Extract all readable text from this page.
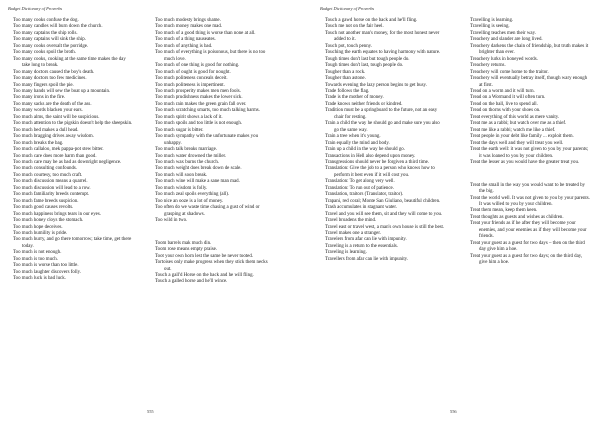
Budget Dictionary of Proverbs

Too many cooks confuse the dog.

Too many candles will burn down the church.

Too many captains the ship rolls.

Too many captains will sink the ship.

Too many cooks oversalt the porridge.

Too many cooks spoil the broth.

Too many cooks, cooking at the same time makes the day take long to break.

Too many doctors caused the boy's death.

Too many doctors too few medicines.

Too many fingers spoil the pie.

Too many hands will sew the boat up a mountain.

Too many irons in the fire.

Too many sacks are the death of the ass.

Too many words blacken your ears.

Too much alms, the saint will be suspicious.

Too much attention to the pigskin doesn't help the sheepskin.

Too much bed makes a dull head.

Too much bragging drives away wisdom.

Too much breaks the bag.

Too much callaloo, mek pappa-pot stew bitter.

Too much care does more harm than good.

Too much care may be as bad as downright negligence.

Too much consulting confounds.

Too much courtesy, too much craft.

Too much discussion means a quarrel.

Too much discussion will lead to a row.

Too much familiarity breeds contempt.

Too much fame breeds suspicion.

Too much good causes revolts.

Too much happiness brings tears in our eyes.

Too much honey cloys the stomach.

Too much hope deceives.

Too much humility is pride.

Too much hurry, and go there tomorrow; take time, get there today.

Too much is not enough.

Too much is too much.

Too much is worse than too little.

Too much laughter discovers folly.

Too much luck is bad luck.

Too much modesty brings shame.

Too much money makes one mad.

Too much of a good thing is worse than none at all.

Too much of a thing nauseates.

Too much of anything is bad.

Too much of everything is poisonous, but there is no too much love.

Too much of one thing is good for nothing.

Too much of ought is good for nought.

Too much politeness conceals deceit.

Too much politeness is impertinent.

Too much prosperity makes men men fools.

Too much prudishness makes the lower sick.

Too much rain makes the green grain fall over.

Too much scratching smarts, too much talking harms.

Too much spirit shows a lack of it.

Too much spoils and too little is not enough.

Too much sugar is bitter.

Too much sympathy with the unfortunate makes you unhappy.

Too much talk breaks marriage.

Too much water drowned the miller.

Too much wax burns the church.

Too much weight does break down de scale.

Too much will soon break.

Too much wine will make a sane man mad.

Too much wisdom is folly.

Too much zeal spoils everything (all).

Too nice an ooze is a lot of money.

Too often do we waste time chasing a gust of wind or grasping at shadows.

Too wild in two.

Toom barrels mak much din.

Toom rose means empty praise.

Toot your own horn lest the same be never tooted.

Tortoises only make progress when they stick them necks out.

Touch a gall'd Horse on the back and he will fling.

Touch a galled horse and he'll wince.

555
Budget Dictionary of Proverbs

Touch a gawd horse on the back and he'll fling.

Touch me not on the fair heel.

Touch not another man's money, for the most honest never added to it.

Touch pot, touch penny.

Touching the earth equates to having harmony with nature.

Tough times don't last but tough people do.

Tough times don't last, tough people do.

Tougher than a rock.

Tougher than astone.

Towards evening the lazy person begins to get busy.

Trade follows the flag.

Trade is the mother of money.

Trade knows neither friends or kindred.

Tradition must be a springboard to the future, not an easy chair for resting.

Train a child the way he should go and make sure you also go the same way.

Train a tree when it's young.

Train equally the mind and body.

Train up a child in the way he should go.

Transactions in Hell also depend upon money.

Transgressions should never be forgiven a third time.

Translation: Give the job to a person who knows how to perform it best even if it will cost you.

Translation: To get along very well.

Translation: To run out of patience.

Translation, traitors (Translator, traitor).

Trapani, red coral; Monte San Giuliano, beautiful children.

Trash accumulates in stagnant water.

Travel and you will see them, sit and they will come to you.

Travel broadens the mind.

Travel east or travel west, a man's own house is still the best.

Travel makes one a stranger.

Travelers from afar can lie with impunity.

Traveling is a return to the essentials.

Traveling is learning.

Travellers from afar can lie with impunity.

Travelling is learning.

Travelling is seeing.

Travelling teaches men their way.

Treachery and slander are long lived.

Treachery darkens the chain of friendship, but truth makes it brighter than ever.

Treachery lurks in honeyed words.

Treachery returns.

Treachery will come home to the traitor.

Treachery will eventually betray itself, though wary enough at first.

Tread on a worm and it will turn.

Tread on a Wormand it will often turn.

Tread on the ball, live to spend all.

Tread on thorns with your shoes on.

Treat everything of this world as mere vanity.

Treat me as a rabbi; but watch over me as a thief.

Treat me like a rabbi; watch me like a thief.

Treat people in your debt like family ... exploit them.

Treat the days well and they will treat you well.

Treat the earth well: it was not given to you by your parents; it was loaned to you by your children.

Treat the lesser as you would have the greater treat you.

Treat the small in the way you would want to be treated by the big.

Treat the world well. It was not given to you by your parents. It was willed to you by your children.

Treat them mean, keep them keen.

Treat thoughts as guests and wishes as children.

Treat your friends as if he after they will become your enemies, and your enemies as if they will become your friends.

Treat your guest as a guest for two days – then on the third day give him a hoe.

Treat your guest as a guest for two days; on the third day, give him a hoe.

556
